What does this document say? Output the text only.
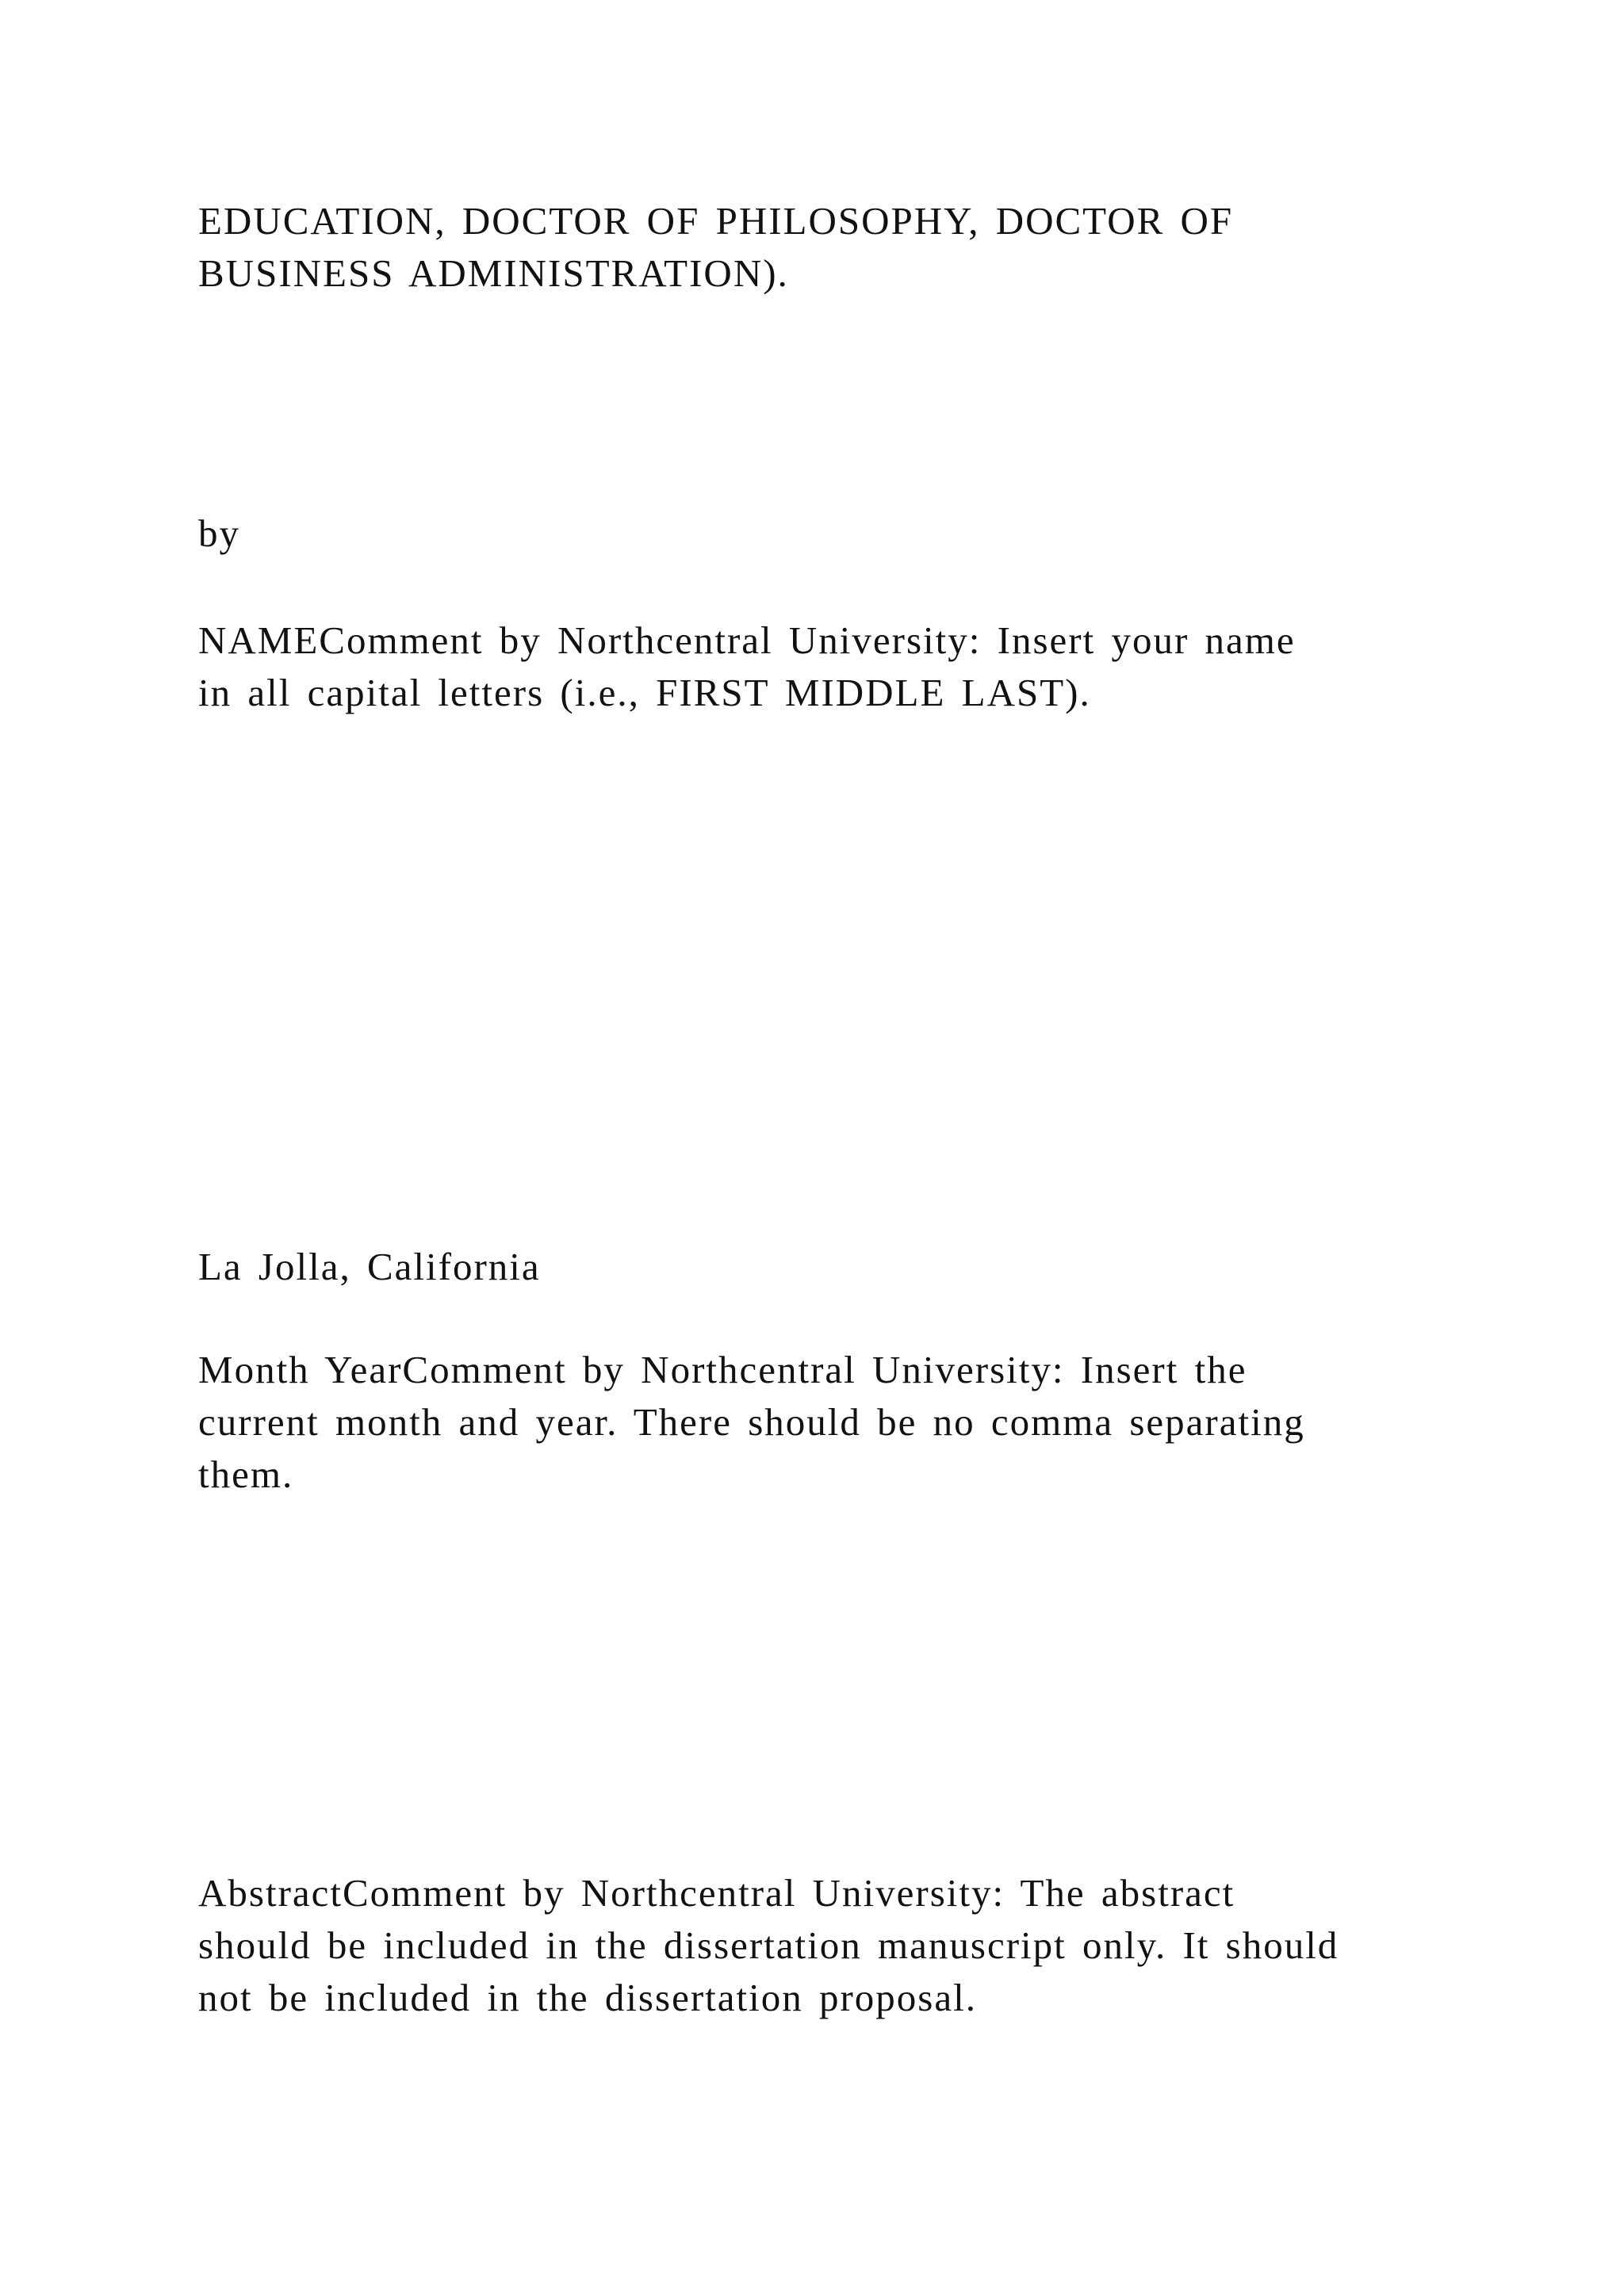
EDUCATION, DOCTOR OF PHILOSOPHY, DOCTOR OF
BUSINESS ADMINISTRATION).

by

NAMEComment by Northcentral University: Insert your name
in all capital letters (i.e., FIRST MIDDLE LAST).

La Jolla, California

Month YearComment by Northcentral University: Insert the
current month and year. There should be no comma separating
them.

AbstractComment by Northcentral University: The abstract
should be included in the dissertation manuscript only. It should
not be included in the dissertation proposal.
